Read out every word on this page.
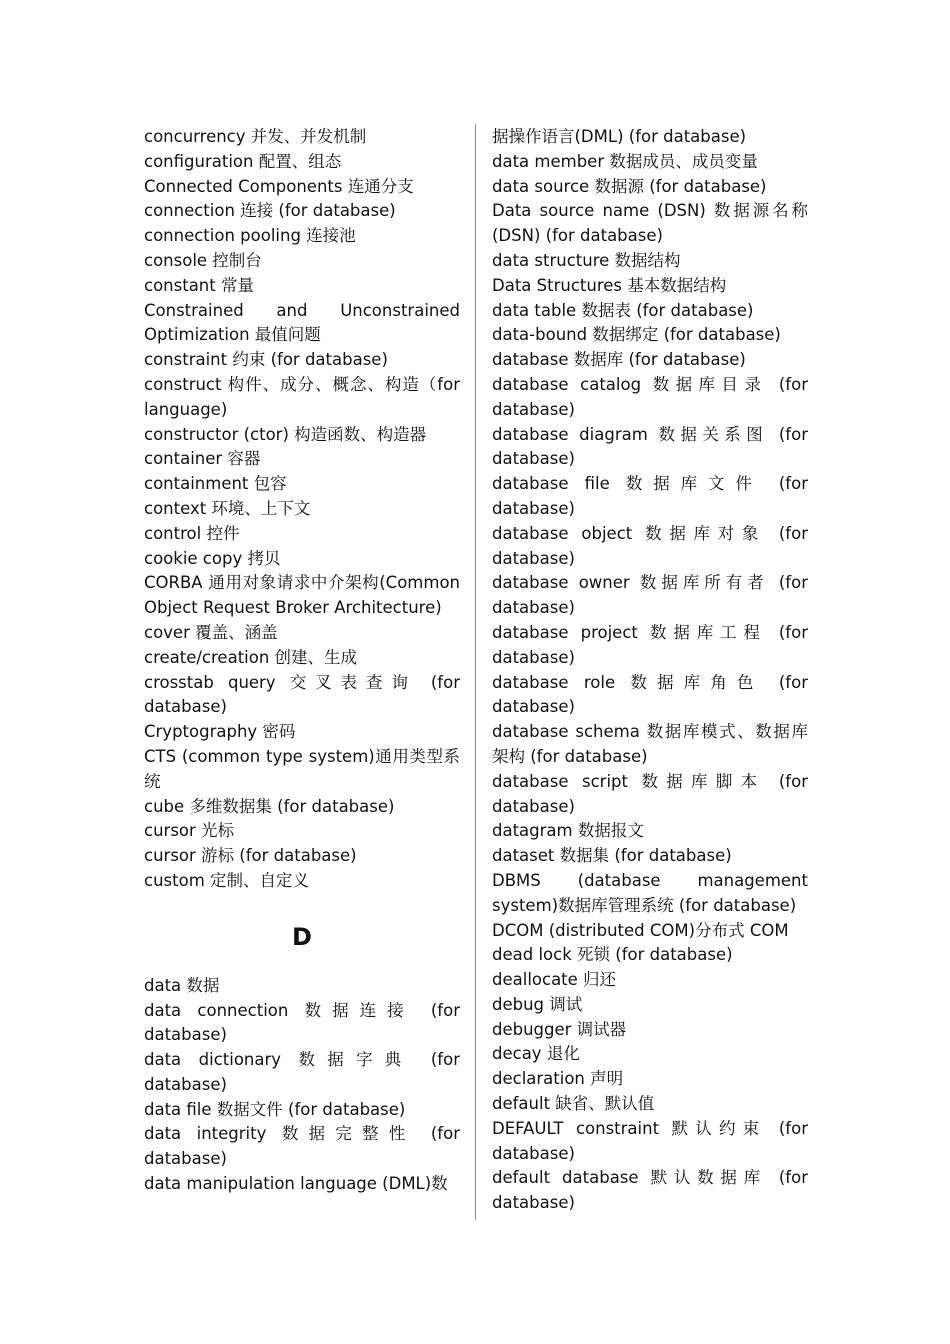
concurrency 并发、并发机制

configuration 配置、组态

Connected Components 连通分支

connection 连接 (for database)

connection pooling 连接池

console 控制台

constant 常量

Constrained and Unconstrained Optimization 最值问题

constraint 约束 (for database)

construct 构件、成分、概念、构造（for language)

constructor (ctor) 构造函数、构造器

container 容器

containment 包容

context 环境、上下文

control 控件

cookie copy 拷贝

CORBA 通用对象请求中介架构(Common Object Request Broker Architecture)

cover 覆盖、涵盖

create/creation 创建、生成

crosstab query 交叉表查询 (for database)

Cryptography 密码

CTS (common type system)通用类型系统

cube 多维数据集 (for database)

cursor 光标

cursor 游标 (for database)

custom 定制、自定义

D

data 数据

data connection 数据连接 (for database)

data dictionary 数据字典 (for database)

data file 数据文件 (for database)

data integrity 数据完整性 (for database)

data manipulation language (DML)数

据操作语言(DML) (for database)

data member 数据成员、成员变量

data source 数据源 (for database)

Data source name (DSN) 数据源名称(DSN) (for database)

data structure 数据结构

Data Structures 基本数据结构

data table 数据表 (for database)

data-bound 数据绑定 (for database)

database 数据库 (for database)

database catalog 数据库目录 (for database)

database diagram 数据关系图 (for database)

database file 数据库文件 (for database)

database object 数据库对象 (for database)

database owner 数据库所有者 (for database)

database project 数据库工程 (for database)

database role 数据库角色 (for database)

database schema 数据库模式、数据库架构 (for database)

database script 数据库脚本 (for database)

datagram 数据报文

dataset 数据集 (for database)

DBMS (database management system)数据库管理系统 (for database)

DCOM (distributed COM)分布式 COM

dead lock 死锁 (for database)

deallocate 归还

debug 调试

debugger 调试器

decay 退化

declaration 声明

default 缺省、默认值

DEFAULT constraint 默认约束 (for database)

default database 默认数据库 (for database)
